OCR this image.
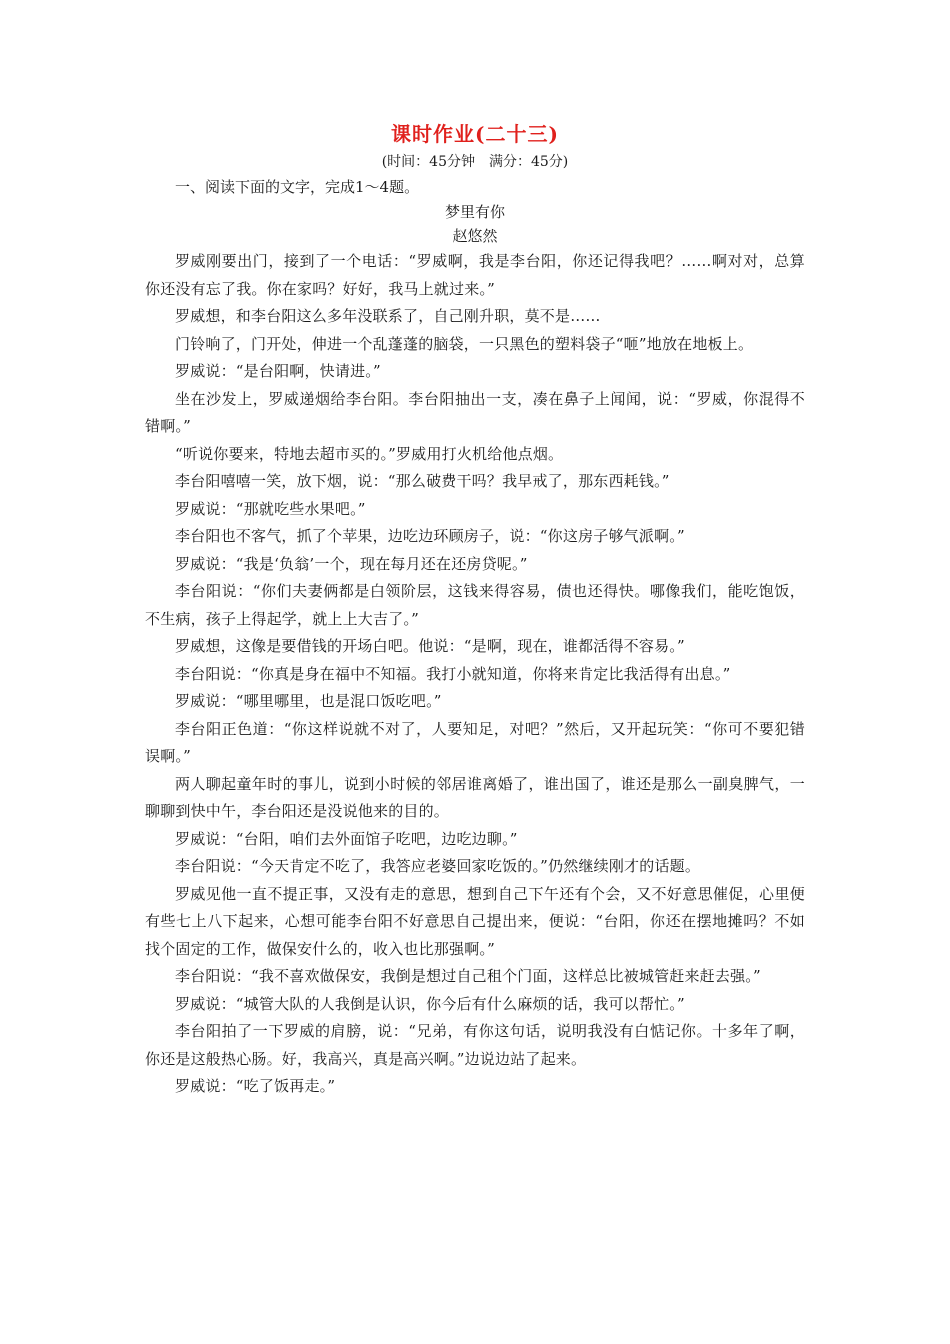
课时作业(二十三)

(时间：45分钟　满分：45分)

一、阅读下面的文字，完成1～4题。

梦里有你

赵悠然

罗威刚要出门，接到了一个电话：“罗威啊，我是李台阳，你还记得我吧？……啊对对，总算你还没有忘了我。你在家吗？好好，我马上就过来。”

罗威想，和李台阳这么多年没联系了，自己刚升职，莫不是……

门铃响了，门开处，伸进一个乱蓬蓬的脑袋，一只黑色的塑料袋子“咂”地放在地板上。

罗威说：“是台阳啊，快请进。”

坐在沙发上，罗威递烟给李台阳。李台阳抽出一支，凑在鼻子上闻闻，说：“罗威，你混得不错啊。”

“听说你要来，特地去超市买的。”罗威用打火机给他点烟。

李台阳嘻嘻一笑，放下烟，说：“那么破费干吗？我早戒了，那东西耗钱。”

罗威说：“那就吃些水果吧。”

李台阳也不客气，抓了个苹果，边吃边环顾房子，说：“你这房子够气派啊。”

罗威说：“我是‘负翁’一个，现在每月还在还房贷呢。”

李台阳说：“你们夫妻俩都是白领阶层，这钱来得容易，债也还得快。哪像我们，能吃饱饭，不生病，孩子上得起学，就上上大吉了。”

罗威想，这像是要借钱的开场白吧。他说：“是啊，现在，谁都活得不容易。”

李台阳说：“你真是身在福中不知福。我打小就知道，你将来肯定比我活得有出息。”

罗威说：“哪里哪里，也是混口饭吃吧。”

李台阳正色道：“你这样说就不对了，人要知足，对吧？”然后，又开起玩笑：“你可不要犯错误啊。”

两人聊起童年时的事儿，说到小时候的邻居谁离婚了，谁出国了，谁还是那么一副臭脾气，一聊聊到快中午，李台阳还是没说他来的目的。

罗威说：“台阳，咱们去外面馆子吃吧，边吃边聊。”

李台阳说：“今天肯定不吃了，我答应老婆回家吃饭的。”仍然继续刚才的话题。

罗威见他一直不提正事，又没有走的意思，想到自己下午还有个会，又不好意思催促，心里便有些七上八下起来，心想可能李台阳不好意思自己提出来，便说：“台阳，你还在摆地摊吗？不如找个固定的工作，做保安什么的，收入也比那强啊。”

李台阳说：“我不喜欢做保安，我倒是想过自己租个门面，这样总比被城管赶来赶去强。”

罗威说：“城管大队的人我倒是认识，你今后有什么麻烦的话，我可以帮忙。”

李台阳拍了一下罗威的肩膀，说：“兄弟，有你这句话，说明我没有白惦记你。十多年了啊，你还是这般热心肠。好，我高兴，真是高兴啊。”边说边站了起来。

罗威说：“吃了饭再走。”
